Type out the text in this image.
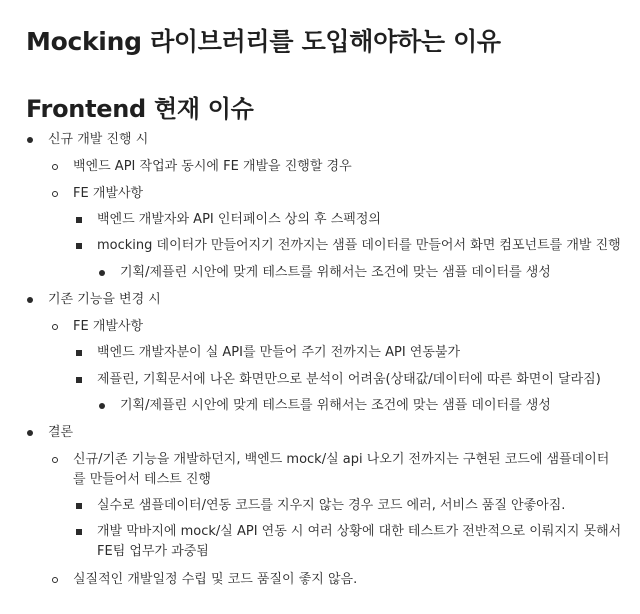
Mocking 라이브러리를 도입해야하는 이유
Frontend 현재 이슈
신규 개발 진행 시
백엔드 API 작업과 동시에 FE 개발을 진행할 경우
FE 개발사항
백엔드 개발자와 API 인터페이스 상의 후 스펙정의
mocking 데이터가 만들어지기 전까지는 샘플 데이터를 만들어서 화면 컴포넌트를 개발 진행
기획/제플린 시안에 맞게 테스트를 위해서는 조건에 맞는 샘플 데이터를 생성
기존 기능을 변경 시
FE 개발사항
백엔드 개발자분이 실 API를 만들어 주기 전까지는 API 연동불가
제플린, 기획문서에 나온 화면만으로 분석이 어려움(상태값/데이터에 따른 화면이 달라짐)
기획/제플린 시안에 맞게 테스트를 위해서는 조건에 맞는 샘플 데이터를 생성
결론
신규/기존 기능을 개발하던지, 백엔드 mock/실 api 나오기 전까지는 구현된 코드에 샘플데이터를 만들어서 테스트 진행
실수로 샘플데이터/연동 코드를 지우지 않는 경우 코드 에러, 서비스 품질 안좋아짐.
개발 막바지에 mock/실 API 연동 시 여러 상황에 대한 테스트가 전반적으로 이뤄지지 못해서 FE팀 업무가 과중됨
실질적인 개발일정 수립 및 코드 품질이 좋지 않음.
